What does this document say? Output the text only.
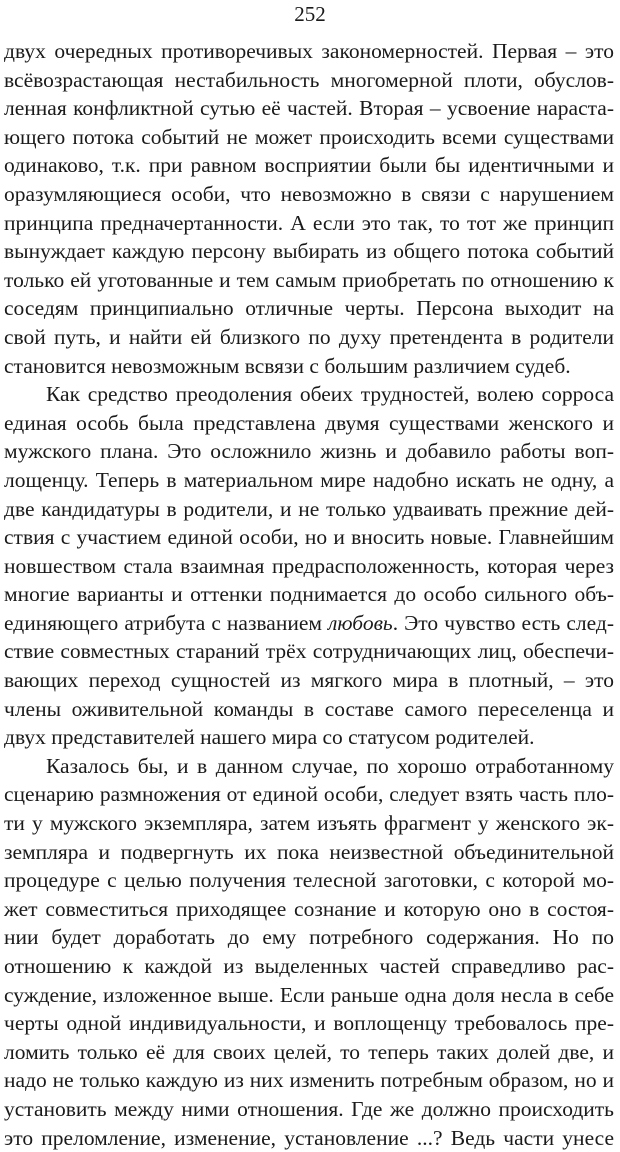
252

двух очередных противоречивых закономерностей. Первая – это всёвозрастающая нестабильность многомерной плоти, обусловленная конфликтной сутью её частей. Вторая – усвоение нарастающего потока событий не может происходить всеми существами одинаково, т.к. при равном восприятии были бы идентичными и оразумляющиеся особи, что невозможно в связи с нарушением принципа предначертанности. А если это так, то тот же принцип вынуждает каждую персону выбирать из общего потока событий только ей уготованные и тем самым приобретать по отношению к соседям принципиально отличные черты. Персона выходит на свой путь, и найти ей близкого по духу претендента в родители становится невозможным всвязи с большим различием судеб.

Как средство преодоления обеих трудностей, волею сорроса единая особь была представлена двумя существами женского и мужского плана. Это осложнило жизнь и добавило работы воплощенцу. Теперь в материальном мире надобно искать не одну, а две кандидатуры в родители, и не только удваивать прежние действия с участием единой особи, но и вносить новые. Главнейшим новшеством стала взаимная предрасположенность, которая через многие варианты и оттенки поднимается до особо сильного объединяющего атрибута с названием любовь. Это чувство есть следствие совместных стараний трёх сотрудничающих лиц, обеспечивающих переход сущностей из мягкого мира в плотный, – это члены оживительной команды в составе самого переселенца и двух представителей нашего мира со статусом родителей.

Казалось бы, и в данном случае, по хорошо отработанному сценарию размножения от единой особи, следует взять часть плоти у мужского экземпляра, затем изъять фрагмент у женского экземпляра и подвергнуть их пока неизвестной объединительной процедуре с целью получения телесной заготовки, с которой может совместиться приходящее сознание и которую оно в состоянии будет доработать до ему потребного содержания. Но по отношению к каждой из выделенных частей справедливо рассуждение, изложенное выше. Если раньше одна доля несла в себе черты одной индивидуальности, и воплощенцу требовалось преломить только её для своих целей, то теперь таких долей две, и надо не только каждую из них изменить потребным образом, но и установить между ними отношения. Где же должно происходить это преломление, изменение, установление ...? Ведь части унесе
